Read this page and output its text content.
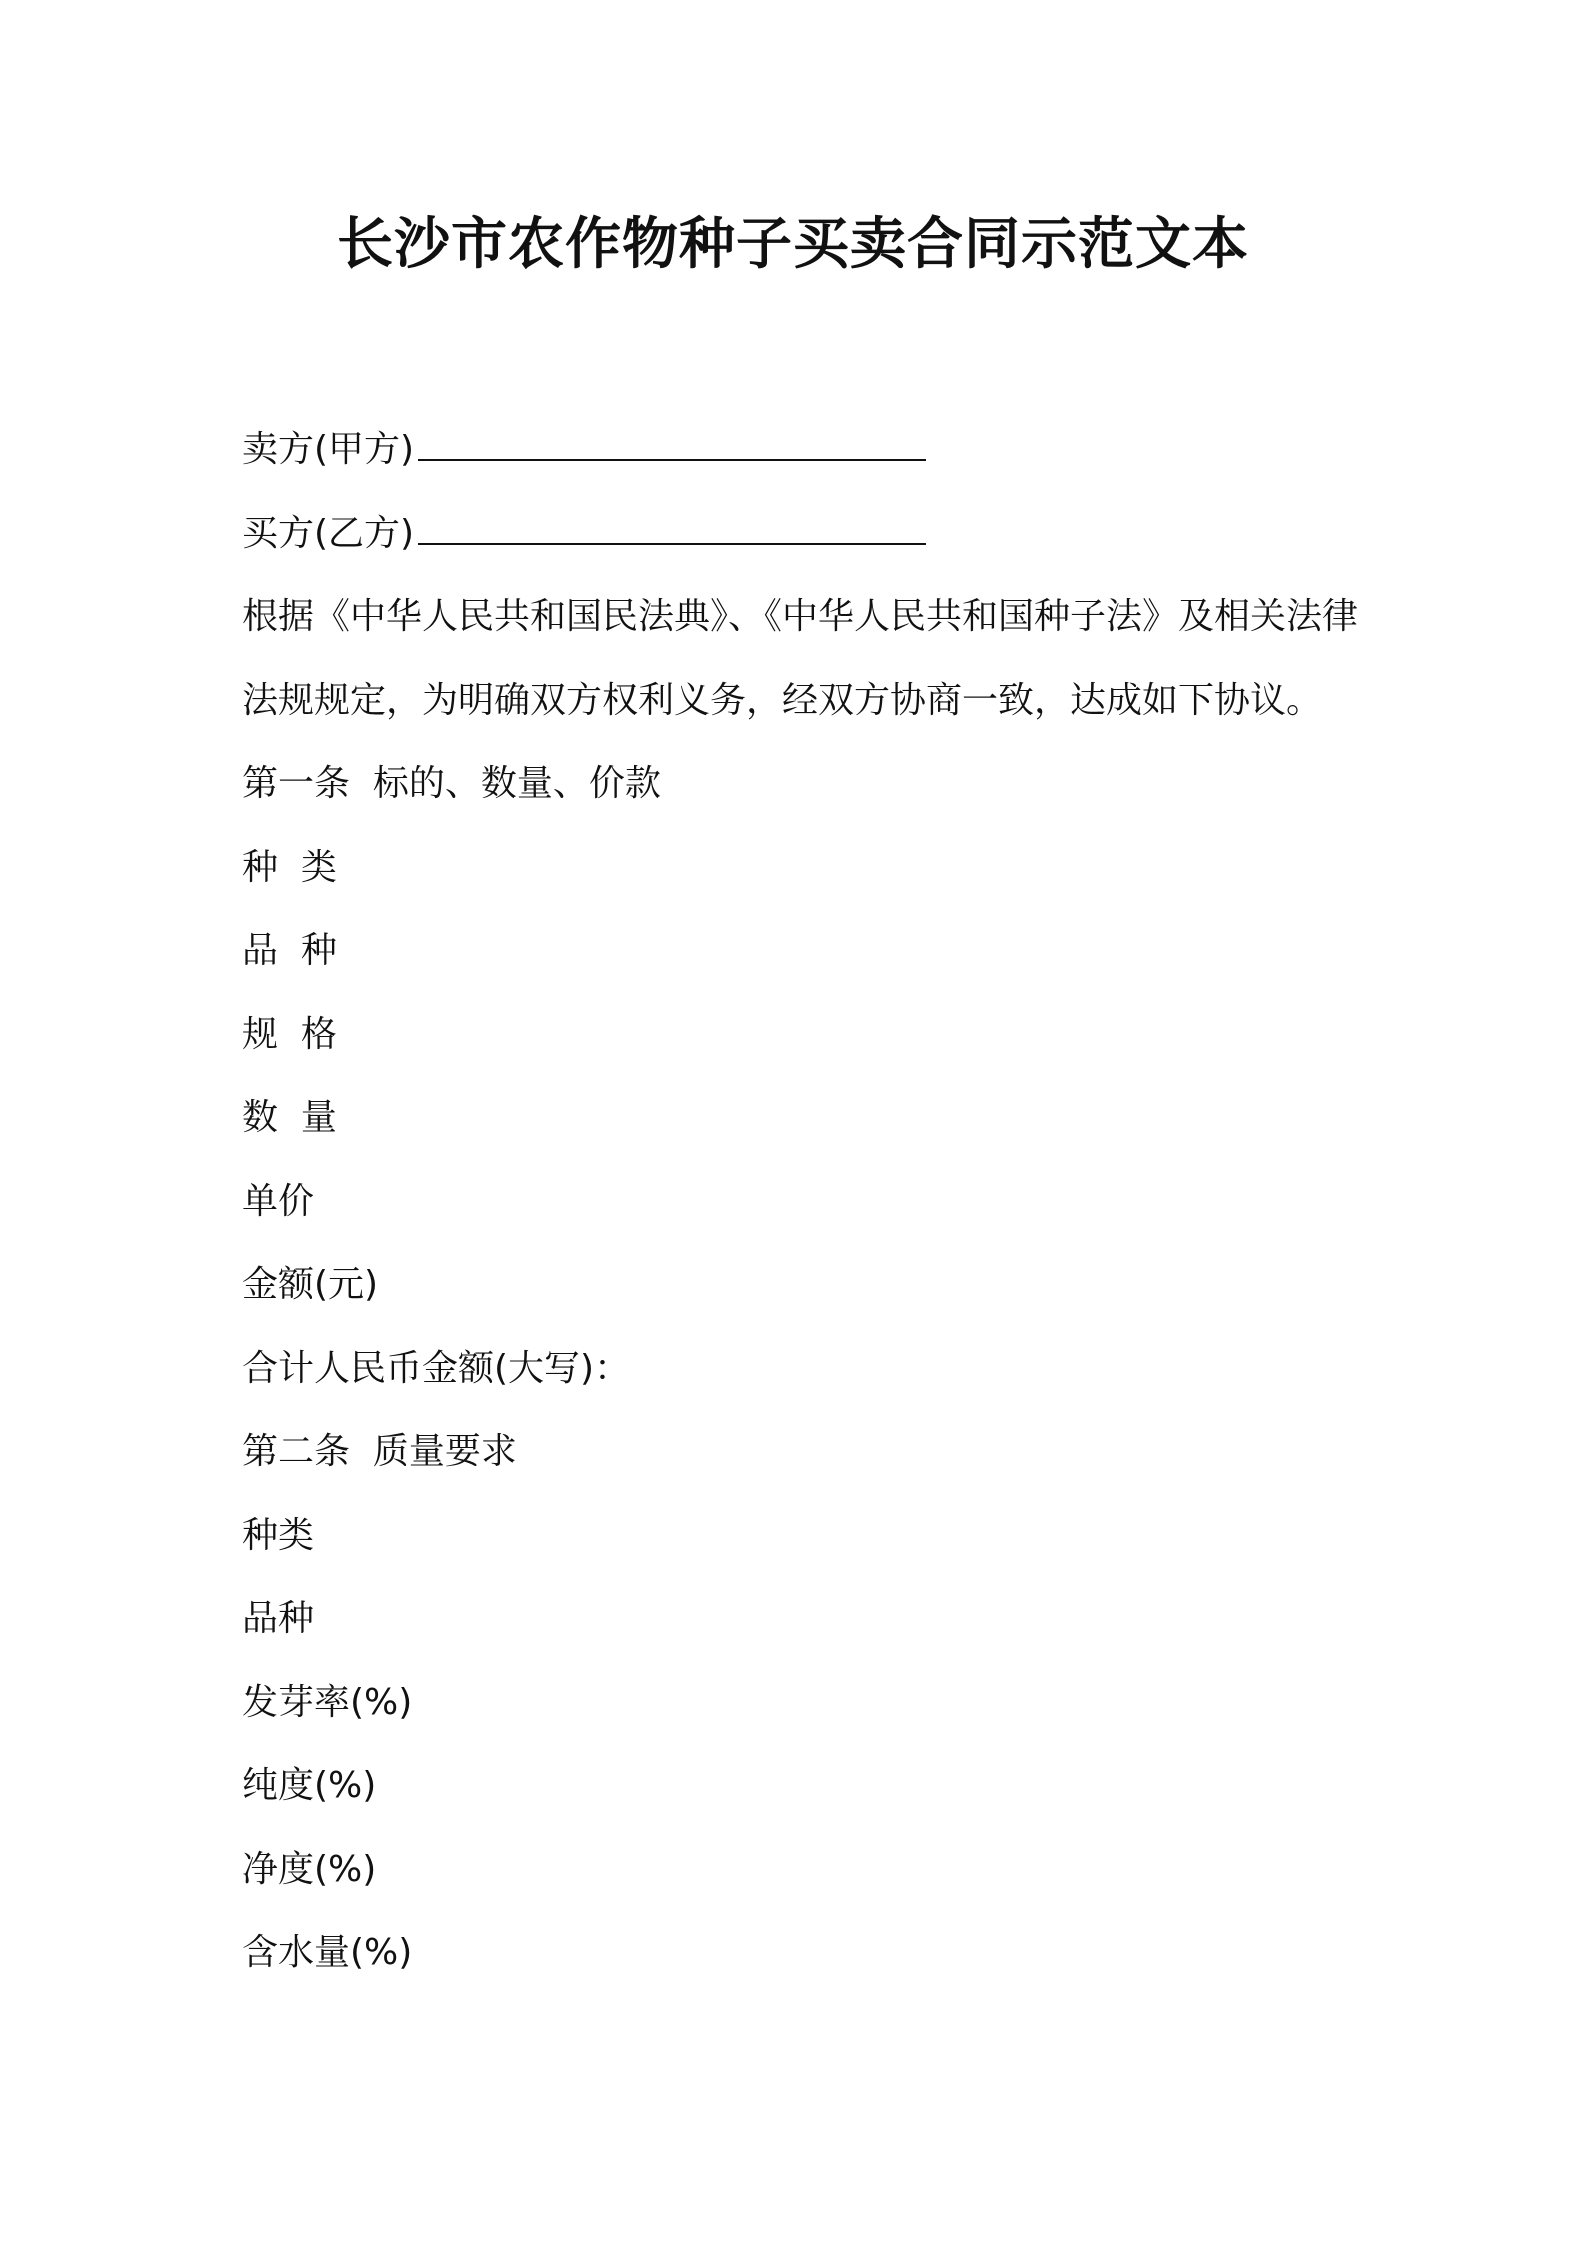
长沙市农作物种子买卖合同示范文本
卖方(甲方)
买方(乙方)
根据《中华人民共和国民法典》、《中华人民共和国种子法》及相关法律法规规定，为明确双方权利义务，经双方协商一致，达成如下协议。
第一条  标的、数量、价款
种  类
品  种
规  格
数  量
单价
金额(元)
合计人民币金额(大写)：
第二条  质量要求
种类
品种
发芽率(%)
纯度(%)
净度(%)
含水量(%)
